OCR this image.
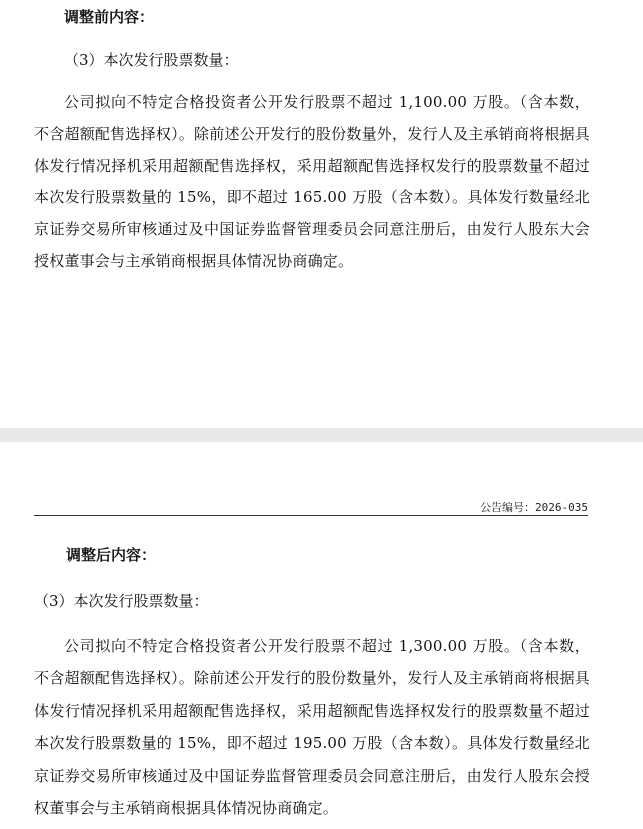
调整前内容：
（3）本次发行股票数量：

公司拟向不特定合格投资者公开发行股票不超过 1,100.00 万股。（含本数，不含超额配售选择权）。除前述公开发行的股份数量外，发行人及主承销商将根据具体发行情况择机采用超额配售选择权，采用超额配售选择权发行的股票数量不超过本次发行股票数量的 15%，即不超过 165.00 万股（含本数）。具体发行数量经北京证券交易所审核通过及中国证券监督管理委员会同意注册后，由发行人股东大会授权董事会与主承销商根据具体情况协商确定。

公告编号：2026-035
调整后内容：
（3）本次发行股票数量：

公司拟向不特定合格投资者公开发行股票不超过 1,300.00 万股。（含本数，不含超额配售选择权）。除前述公开发行的股份数量外，发行人及主承销商将根据具体发行情况择机采用超额配售选择权，采用超额配售选择权发行的股票数量不超过本次发行股票数量的 15%，即不超过 195.00 万股（含本数）。具体发行数量经北京证券交易所审核通过及中国证券监督管理委员会同意注册后，由发行人股东会授权董事会与主承销商根据具体情况协商确定。
